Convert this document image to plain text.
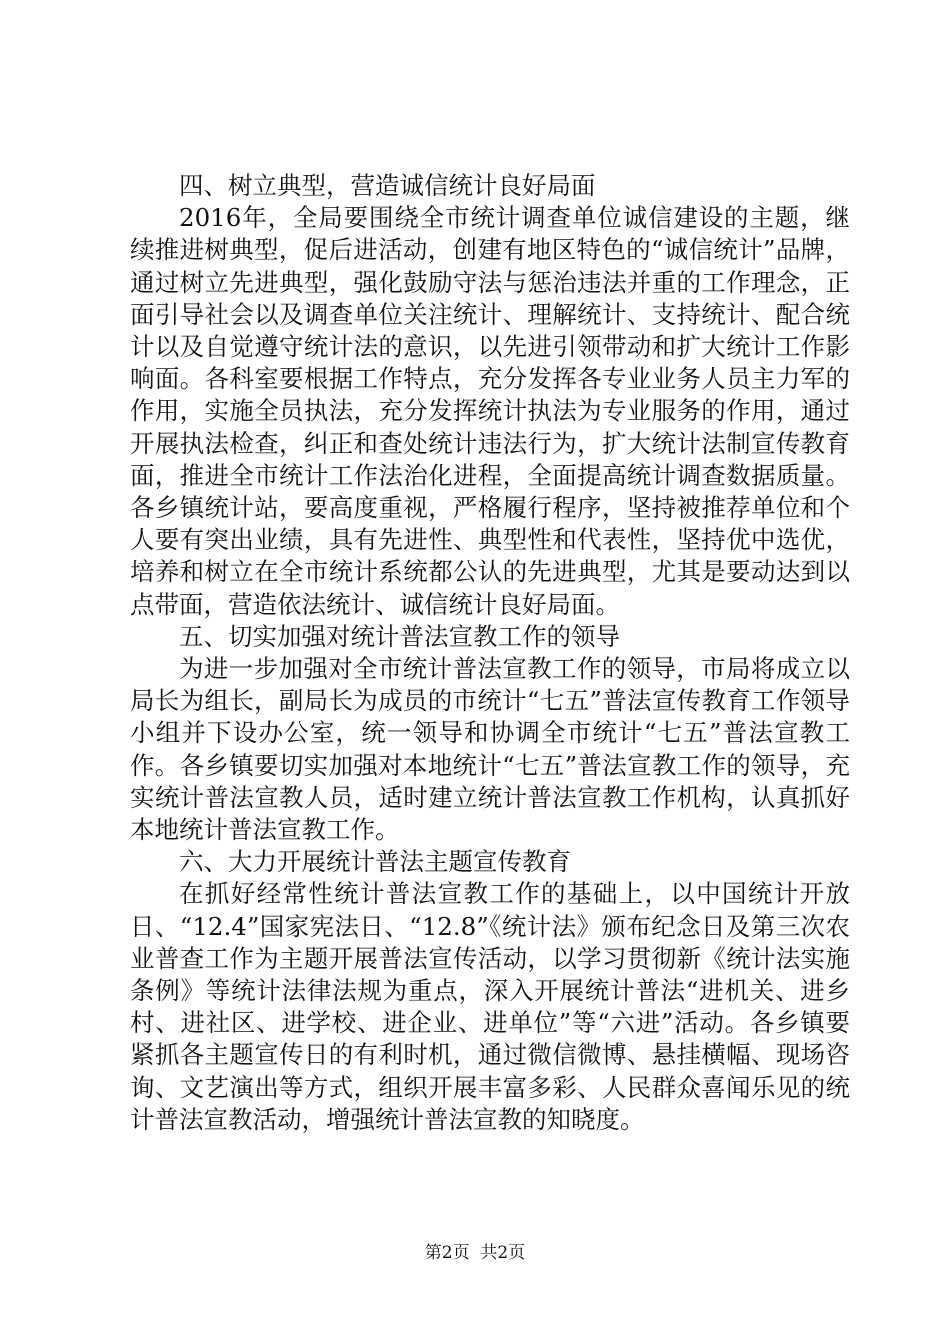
四、树立典型，营造诚信统计良好局面

2016年，全局要围绕全市统计调查单位诚信建设的主题，继续推进树典型，促后进活动，创建有地区特色的“诚信统计”品牌，通过树立先进典型，强化鼓励守法与惩治违法并重的工作理念，正面引导社会以及调查单位关注统计、理解统计、支持统计、配合统计以及自觉遵守统计法的意识，以先进引领带动和扩大统计工作影响面。各科室要根据工作特点，充分发挥各专业业务人员主力军的作用，实施全员执法，充分发挥统计执法为专业服务的作用，通过开展执法检查，纠正和查处统计违法行为，扩大统计法制宣传教育面，推进全市统计工作法治化进程，全面提高统计调查数据质量。各乡镇统计站，要高度重视，严格履行程序，坚持被推荐单位和个人要有突出业绩，具有先进性、典型性和代表性，坚持优中选优，培养和树立在全市统计系统都公认的先进典型，尤其是要动达到以点带面，营造依法统计、诚信统计良好局面。

五、切实加强对统计普法宣教工作的领导

为进一步加强对全市统计普法宣教工作的领导，市局将成立以局长为组长，副局长为成员的市统计“七五”普法宣传教育工作领导小组并下设办公室，统一领导和协调全市统计“七五”普法宣教工作。各乡镇要切实加强对本地统计“七五”普法宣教工作的领导，充实统计普法宣教人员，适时建立统计普法宣教工作机构，认真抓好本地统计普法宣教工作。

六、大力开展统计普法主题宣传教育

在抓好经常性统计普法宣教工作的基础上，以中国统计开放日、“12.4”国家宪法日、“12.8”《统计法》颁布纪念日及第三次农业普查工作为主题开展普法宣传活动，以学习贯彻新《统计法实施条例》等统计法律法规为重点，深入开展统计普法“进机关、进乡村、进社区、进学校、进企业、进单位”等“六进”活动。各乡镇要紧抓各主题宣传日的有利时机，通过微信微博、悬挂横幅、现场咨询、文艺演出等方式，组织开展丰富多彩、人民群众喜闻乐见的统计普法宣教活动，增强统计普法宣教的知晓度。

第2页  共2页
